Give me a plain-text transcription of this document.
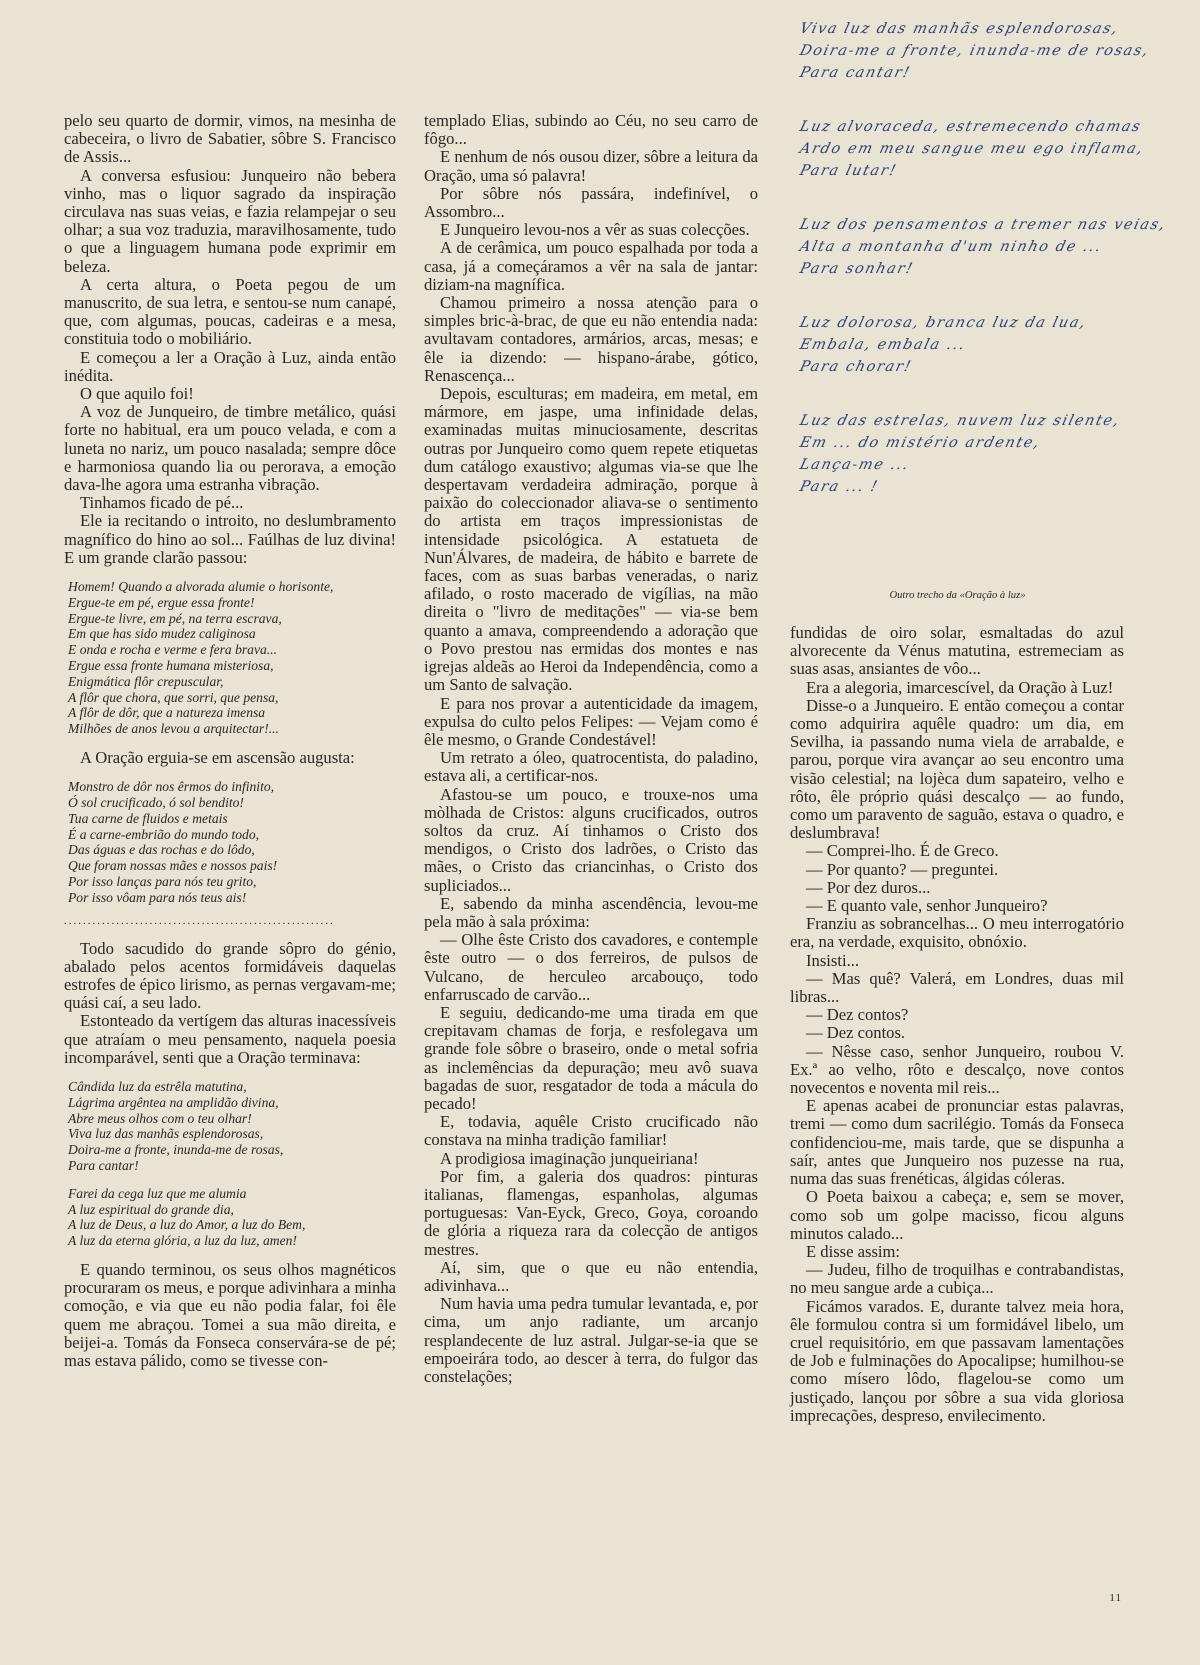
pelo seu quarto de dormir, vimos, na mesinha de cabeceira, o livro de Sabatier, sôbre S. Francisco de Assis...

A conversa esfusiou: Junqueiro não bebera vinho, mas o liquor sagrado da inspiração circulava nas suas veias, e fazia relampejar o seu olhar; a sua voz traduzia, maravilhosamente, tudo o que a linguagem humana pode exprimir em beleza.

A certa altura, o Poeta pegou de um manuscrito, de sua letra, e sentou-se num canapé, que, com algumas, poucas, cadeiras e a mesa, constituia todo o mobiliário.

E começou a ler a Oração à Luz, ainda então inédita.

O que aquilo foi!

A voz de Junqueiro, de timbre metálico, quási forte no habitual, era um pouco velada, e com a luneta no nariz, um pouco nasalada; sempre dôce e harmoniosa quando lia ou perorava, a emoção dava-lhe agora uma estranha vibração.

Tinhamos ficado de pé...

Ele ia recitando o introito, no deslumbramento magnífico do hino ao sol... Faúlhas de luz divina! E um grande clarão passou:

Homem! Quando a alvorada alumie o horisonte,
Ergue-te em pé, ergue essa fronte!
Ergue-te livre, em pé, na terra escrava,
Em que has sido mudez caliginosa
E onda e rocha e verme e fera brava...
Ergue essa fronte humana misteriosa,
Enigmática flôr crepuscular,
A flôr que chora, que sorri, que pensa,
A flôr de dôr, que a natureza imensa
Milhões de anos levou a arquitectar!...

A Oração erguia-se em ascensão augusta:

Monstro de dôr nos êrmos do infinito,
Ó sol crucificado, ó sol bendito!
Tua carne de fluidos e metais
É a carne-embrião do mundo todo,
Das águas e das rochas e do lôdo,
Que foram nossas mães e nossos pais!
Por isso lanças para nós teu grito,
Por isso vôam para nós teus ais!
.........................................................

Todo sacudido do grande sôpro do génio, abalado pelos acentos formidáveis daquelas estrofes de épico lirismo, as pernas vergavam-me; quási caí, a seu lado.

Estonteado da vertígem das alturas inacessíveis que atraíam o meu pensamento, naquela poesia incomparável, senti que a Oração terminava:

Cândida luz da estrêla matutina,
Lágrima argêntea na amplidão divina,
Abre meus olhos com o teu olhar!
Viva luz das manhãs esplendorosas,
Doira-me a fronte, inunda-me de rosas,
Para cantar!
Farei da cega luz que me alumia
A luz espiritual do grande dia,
A luz de Deus, a luz do Amor, a luz do Bem,
A luz da eterna glória, a luz da luz, amen!

E quando terminou, os seus olhos magnéticos procuraram os meus, e porque adivinhara a minha comoção, e via que eu não podia falar, foi êle quem me abraçou. Tomei a sua mão direita, e beijei-a. Tomás da Fonseca conservára-se de pé; mas estava pálido, como se tivesse con-

templado Elias, subindo ao Céu, no seu carro de fôgo...

E nenhum de nós ousou dizer, sôbre a leitura da Oração, uma só palavra!

Por sôbre nós passára, indefinível, o Assombro...

E Junqueiro levou-nos a vêr as suas colecções.

A de cerâmica, um pouco espalhada por toda a casa, já a começáramos a vêr na sala de jantar: diziam-na magnífica.

Chamou primeiro a nossa atenção para o simples bric-à-brac, de que eu não entendia nada: avultavam contadores, armários, arcas, mesas; e êle ia dizendo: — hispano-árabe, gótico, Renascença...

Depois, esculturas; em madeira, em metal, em mármore, em jaspe, uma infinidade delas, examinadas muitas minuciosamente, descritas outras por Junqueiro como quem repete etiquetas dum catálogo exaustivo; algumas via-se que lhe despertavam verdadeira admiração, porque à paixão do coleccionador aliava-se o sentimento do artista em traços impressionistas de intensidade psicológica. A estatueta de Nun'Álvares, de madeira, de hábito e barrete de faces, com as suas barbas veneradas, o nariz afilado, o rosto macerado de vigílias, na mão direita o "livro de meditações" — via-se bem quanto a amava, compreendendo a adoração que o Povo prestou nas ermidas dos montes e nas igrejas aldeãs ao Heroi da Independência, como a um Santo de salvação.

E para nos provar a autenticidade da imagem, expulsa do culto pelos Felipes: — Vejam como é êle mesmo, o Grande Condestável!

Um retrato a óleo, quatrocentista, do paladino, estava ali, a certificar-nos.

Afastou-se um pouco, e trouxe-nos uma mòlhada de Cristos: alguns crucificados, outros soltos da cruz. Aí tinhamos o Cristo dos mendigos, o Cristo dos ladrões, o Cristo das mães, o Cristo das criancinhas, o Cristo dos supliciados...

E, sabendo da minha ascendência, levou-me pela mão à sala próxima:

— Olhe êste Cristo dos cavadores, e contemple êste outro — o dos ferreiros, de pulsos de Vulcano, de herculeo arcabouço, todo enfarruscado de carvão...

E seguiu, dedicando-me uma tirada em que crepitavam chamas de forja, e resfolegava um grande fole sôbre o braseiro, onde o metal sofria as inclemências da depuração; meu avô suava bagadas de suor, resgatador de toda a mácula do pecado!

E, todavia, aquêle Cristo crucificado não constava na minha tradição familiar!

A prodigiosa imaginação junqueiriana!

Por fim, a galeria dos quadros: pinturas italianas, flamengas, espanholas, algumas portuguesas: Van-Eyck, Greco, Goya, coroando de glória a riqueza rara da colecção de antigos mestres.

Aí, sim, que o que eu não entendia, adivinhava...

Num havia uma pedra tumular levantada, e, por cima, um anjo radiante, um arcanjo resplandecente de luz astral. Julgar-se-ia que se empoeirára todo, ao descer à terra, do fulgor das constelações;

Viva luz das manhãs esplendorosas,
Doira-me a fronte, inunda-me de rosas,
Para cantar!
Luz alvoraceda, estremecendo chamas
Ardo em meu sangue meu ego inflama,
Para lutar!
Luz dos pensamentos a tremer nas veias,
Alta a montanha d'um ninho de ...
Para sonhar!
Luz dolorosa, branca luz da lua,
Embala, embala ...
Para chorar!
Luz das estrelas, nuvem luz silente,
Em ... do mistério ardente,
Lança-me ...
Para ... !
Outro trecho da «Oração à luz»

fundidas de oiro solar, esmaltadas do azul alvorecente da Vénus matutina, estremeciam as suas asas, ansiantes de vôo...

Era a alegoria, imarcescível, da Oração à Luz!

Disse-o a Junqueiro. E então começou a contar como adquirira aquêle quadro: um dia, em Sevilha, ia passando numa viela de arrabalde, e parou, porque vira avançar ao seu encontro uma visão celestial; na lojèca dum sapateiro, velho e rôto, êle próprio quási descalço — ao fundo, como um paravento de saguão, estava o quadro, e deslumbrava!

— Comprei-lho. É de Greco.

— Por quanto? — preguntei.

— Por dez duros...

— E quanto vale, senhor Junqueiro?

Franziu as sobrancelhas... O meu interrogatório era, na verdade, exquisito, obnóxio.

Insisti...

— Mas quê? Valerá, em Londres, duas mil libras...

— Dez contos?

— Dez contos.

— Nêsse caso, senhor Junqueiro, roubou V. Ex.ª ao velho, rôto e descalço, nove contos novecentos e noventa mil reis...

E apenas acabei de pronunciar estas palavras, tremi — como dum sacrilégio. Tomás da Fonseca confidenciou-me, mais tarde, que se dispunha a saír, antes que Junqueiro nos puzesse na rua, numa das suas frenéticas, álgidas cóleras.

O Poeta baixou a cabeça; e, sem se mover, como sob um golpe macisso, ficou alguns minutos calado...

E disse assim:

— Judeu, filho de troquilhas e contrabandistas, no meu sangue arde a cubiça...

Ficámos varados. E, durante talvez meia hora, êle formulou contra si um formidável libelo, um cruel requisitório, em que passavam lamentações de Job e fulminações do Apocalipse; humilhou-se como mísero lôdo, flagelou-se como um justiçado, lançou por sôbre a sua vida gloriosa imprecações, despreso, envilecimento.

11
